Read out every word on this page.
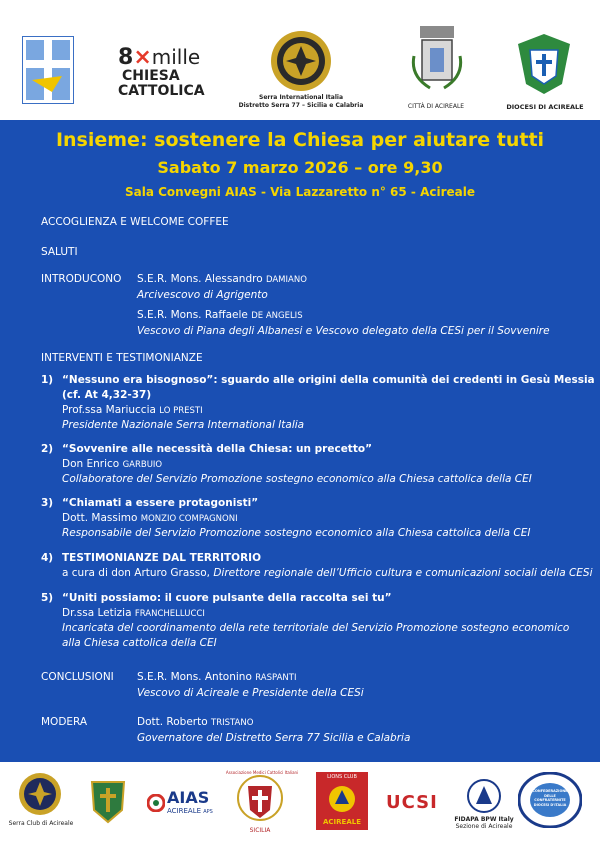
8×mille
CHIESA
CATTOLICA	Serra International Italia
Distretto Serra 77 – Sicilia e Calabria	CITTÀ DI ACIREALE	DIOCESI DI ACIREALE
Insieme: sostenere la Chiesa per aiutare tutti
Sabato 7 marzo 2026 – ore 9,30
Sala Convegni AIAS - Via Lazzaretto n° 65 - Acireale
ACCOGLIENZA E WELCOME COFFEE
SALUTI
INTRODUCONO S.E.R. Mons. Alessandro DAMIANO
Arcivescovo di Agrigento
S.E.R. Mons. Raffaele DE ANGELIS
Vescovo di Piana degli Albanesi e Vescovo delegato della CESi per il Sovvenire
INTERVENTI E TESTIMONIANZE
1) “Nessuno era bisognoso”: sguardo alle origini della comunità dei credenti in Gesù Messia
(cf. At 4,32-37)
Prof.ssa Mariuccia LO PRESTI
Presidente Nazionale Serra International Italia
2) “Sovvenire alle necessità della Chiesa: un precetto”
Don Enrico GARBUIO
Collaboratore del Servizio Promozione sostegno economico alla Chiesa cattolica della CEI
3) “Chiamati a essere protagonisti”
Dott. Massimo MONZIO COMPAGNONI
Responsabile del Servizio Promozione sostegno economico alla Chiesa cattolica della CEI
4) TESTIMONIANZE DAL TERRITORIO
a cura di don Arturo Grasso, Direttore regionale dell’Ufficio cultura e comunicazioni sociali della CESi
5) “Uniti possiamo: il cuore pulsante della raccolta sei tu”
Dr.ssa Letizia FRANCHELLUCCI
Incaricata del coordinamento della rete territoriale del Servizio Promozione sostegno economico
alla Chiesa cattolica della CEI
CONCLUSIONI S.E.R. Mons. Antonino RASPANTI
Vescovo di Acireale e Presidente della CESi
MODERA	Dott. Roberto TRISTANO
Governatore del Distretto Serra 77 Sicilia e Calabria
Serra Club di Acireale
AIAS
ACIREALE APS
Associazione Medici Cattolici Italiani
SICILIA
LIONS CLUB
ACIREALE
UCSI
FIDAPA BPW Italy
Sezione di Acireale
CONFEDERAZIONE DELLE CONFRATERNITE DIOCESI D'ITALIA
